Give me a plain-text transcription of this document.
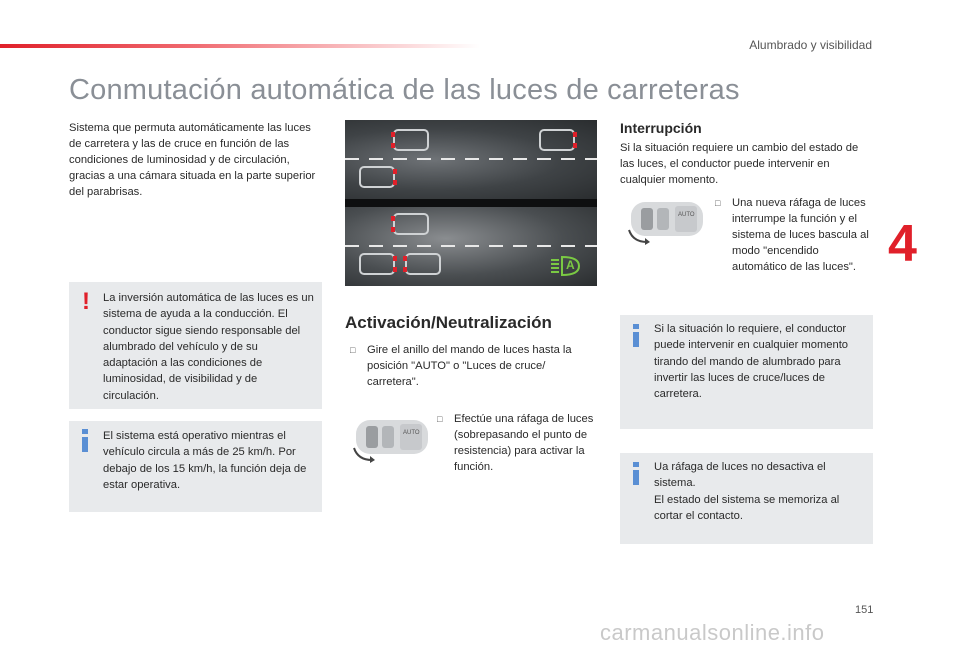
Alumbrado y visibilidad
Conmutación automática de las luces de carreteras

Sistema que permuta automáticamente las luces de carretera y las de cruce en función de las condiciones de luminosidad y de circulación, gracias a una cámara situada en la parte superior del parabrisas.

! La inversión automática de las luces es un sistema de ayuda a la conducción. El conductor sigue siendo responsable del alumbrado del vehículo y de su adaptación a las condiciones de luminosidad, de visibilidad y de circulación.

El sistema está operativo mientras el vehículo circula a más de 25 km/h. Por debajo de los 15 km/h, la función deja de estar operativa.

A
Activación/Neutralización

□ Gire el anillo del mando de luces hasta la posición "AUTO" o "Luces de cruce/ carretera".

AUTO

□ Efectúe una ráfaga de luces (sobrepasando el punto de resistencia) para activar la función.

Interrupción

Si la situación requiere un cambio del estado de las luces, el conductor puede intervenir en cualquier momento.

AUTO

□ Una nueva ráfaga de luces interrumpe la función y el sistema de luces bascula al modo "encendido automático de las luces".

Si la situación lo requiere, el conductor puede intervenir en cualquier momento tirando del mando de alumbrado para invertir las luces de cruce/luces de carretera.

Ua ráfaga de luces no desactiva el sistema.
El estado del sistema se memoriza al cortar el contacto.

4
151
carmanualsonline.info
